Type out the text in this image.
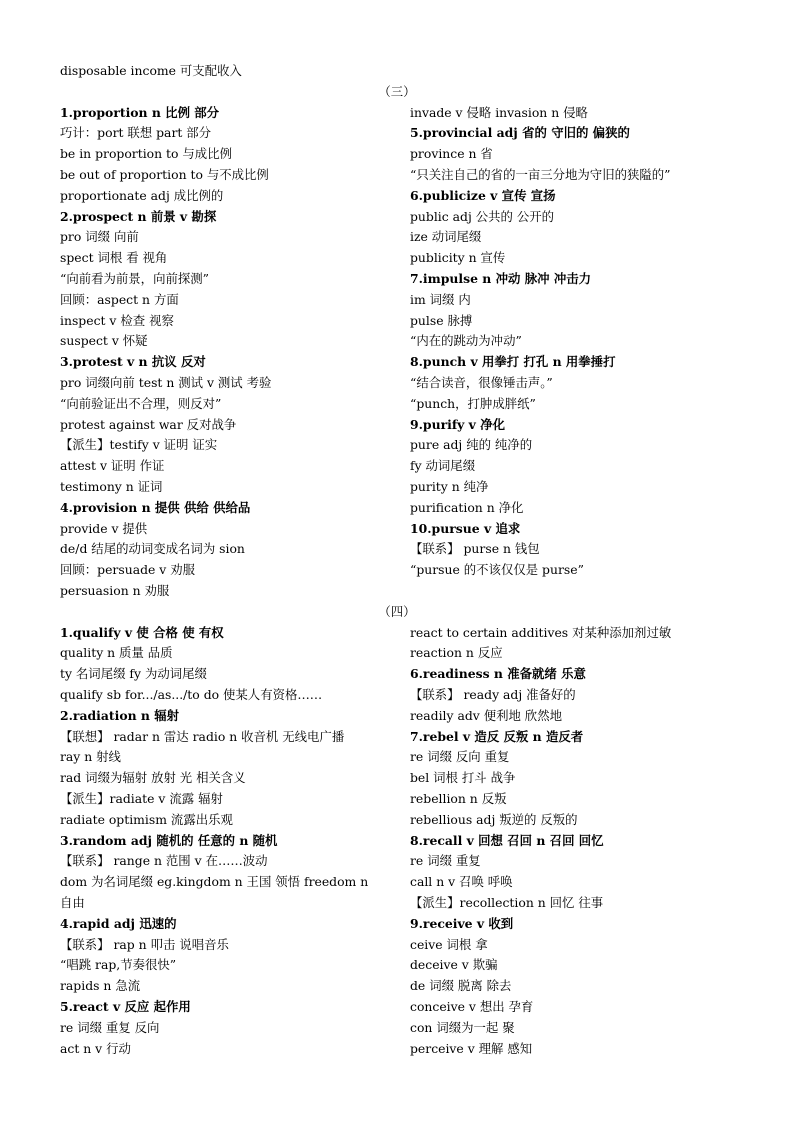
disposable income 可支配收入
（三）
1.proportion n 比例 部分
巧计：port 联想 part 部分
be in proportion to 与成比例
be out of proportion to 与不成比例
proportionate adj 成比例的
2.prospect n 前景 v 勘探
pro 词缀 向前
spect 词根 看 视角
“向前看为前景，向前探测”
回顾：aspect n 方面
inspect v 检查 视察
suspect v 怀疑
3.protest v n 抗议 反对
pro 词缀向前 test n 测试 v 测试 考验
“向前验证出不合理，则反对”
protest against war 反对战争
【派生】testify v 证明 证实
attest v 证明 作证
testimony n 证词
4.provision n 提供 供给 供给品
provide v 提供
de/d 结尾的动词变成名词为 sion
回顾：persuade v 劝服
persuasion n 劝服
invade v 侵略 invasion n 侵略
5.provincial adj 省的 守旧的 偏狭的
province n 省
“只关注自己的省的一亩三分地为守旧的狭隘的”
6.publicize v 宣传 宣扬
public adj 公共的 公开的
ize 动词尾缀
publicity n 宣传
7.impulse n 冲动 脉冲 冲击力
im 词缀 内
pulse 脉搏
“内在的跳动为冲动”
8.punch v 用拳打 打孔 n 用拳捶打
“结合读音，很像锤击声。”
“punch，打肿成胖纸”
9.purify v 净化
pure adj 纯的 纯净的
fy 动词尾缀
purity n 纯净
purification n 净化
10.pursue v 追求
【联系】 purse n 钱包
“pursue 的不该仅仅是 purse”
（四）
1.qualify v 使 合格 使 有权
quality n 质量 品质
ty 名词尾缀 fy 为动词尾缀
qualify sb for.../as.../to do 使某人有资格……
2.radiation n 辐射
【联想】 radar n 雷达 radio n 收音机 无线电广播
ray n 射线
rad 词缀为辐射 放射 光 相关含义
【派生】radiate v 流露 辐射
radiate optimism 流露出乐观
3.random adj 随机的 任意的 n 随机
【联系】 range n 范围 v 在……波动
dom 为名词尾缀 eg.kingdom n 王国 领悟 freedom n
自由
4.rapid adj 迅速的
【联系】 rap n 叩击 说唱音乐
“唱跳 rap,节奏很快”
rapids n 急流
5.react v 反应 起作用
re 词缀 重复 反向
act n v 行动
react to certain additives 对某种添加剂过敏
reaction n 反应
6.readiness n 准备就绪 乐意
【联系】 ready adj 准备好的
readily adv 便利地 欣然地
7.rebel v 造反 反叛 n 造反者
re 词缀 反向 重复
bel 词根 打斗 战争
rebellion n 反叛
rebellious adj 叛逆的 反叛的
8.recall v 回想 召回 n 召回 回忆
re 词缀 重复
call n v 召唤 呼唤
【派生】recollection n 回忆 往事
9.receive v 收到
ceive 词根 拿
deceive v 欺骗
de 词缀 脱离 除去
conceive v 想出 孕育
con 词缀为一起 聚
perceive v 理解 感知
